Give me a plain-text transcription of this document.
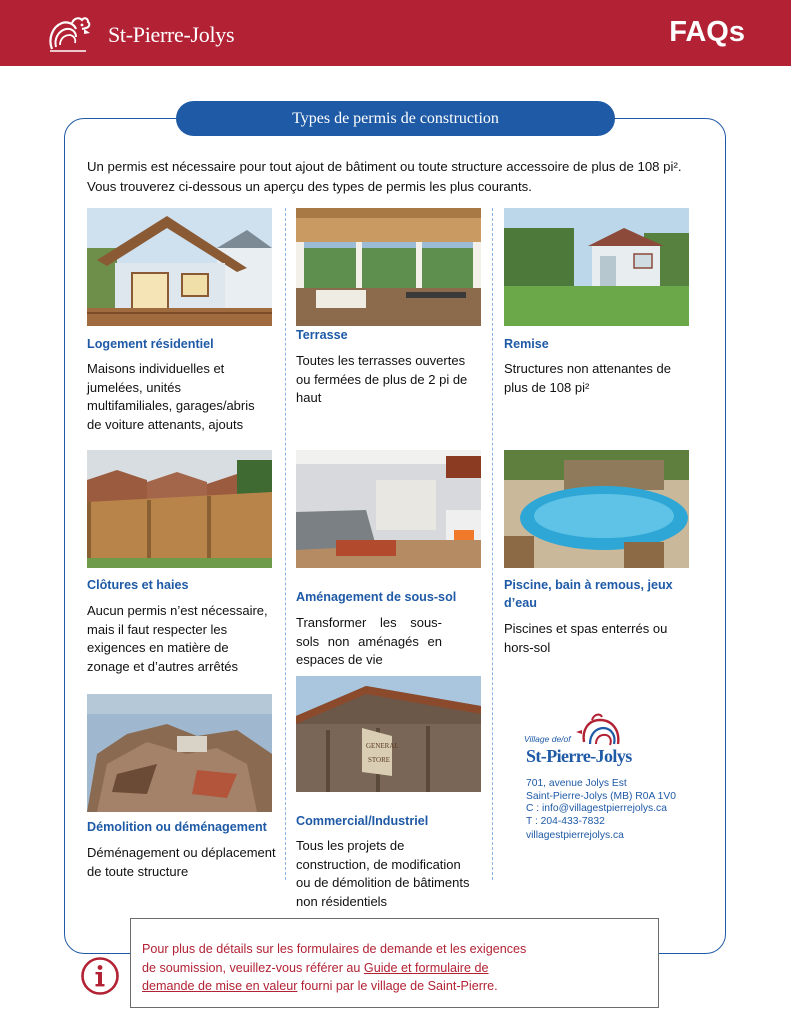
St-Pierre-Jolys	FAQs
Types de permis de construction
Un permis est nécessaire pour tout ajout de bâtiment ou toute structure accessoire de plus de 108 pi².
Vous trouverez ci-dessous un aperçu des types de permis les plus courants.
Logement résidentiel
Maisons individuelles et jumelées, unités multifamiliales, garages/abris de voiture attenants, ajouts
Terrasse
Toutes les terrasses ouvertes ou fermées de plus de 2 pi de haut
Remise
Structures non attenantes de plus de 108 pi²
Clôtures et haies
Aucun permis n’est nécessaire, mais il faut respecter les exigences en matière de zonage et d’autres arrêtés
Aménagement de sous-sol
Transformer les sous-sols non aménagés en espaces de vie
Piscine, bain à remous, jeux d’eau
Piscines et spas enterrés ou hors-sol
Démolition ou déménagement
Déménagement ou déplacement de toute structure
GENERAL
STORE
Commercial/Industriel
Tous les projets de construction, de modification ou de démolition de bâtiments non résidentiels
Village de/of
St-Pierre-Jolys
701, avenue Jolys Est
Saint-Pierre-Jolys (MB) R0A 1V0
C : info@villagestpierrejolys.ca
T : 204-433-7832
villagestpierrejolys.ca
Pour plus de détails sur les formulaires de demande et les exigences
de soumission, veuillez-vous référer au Guide et formulaire de
demande de mise en valeur fourni par le village de Saint-Pierre.
